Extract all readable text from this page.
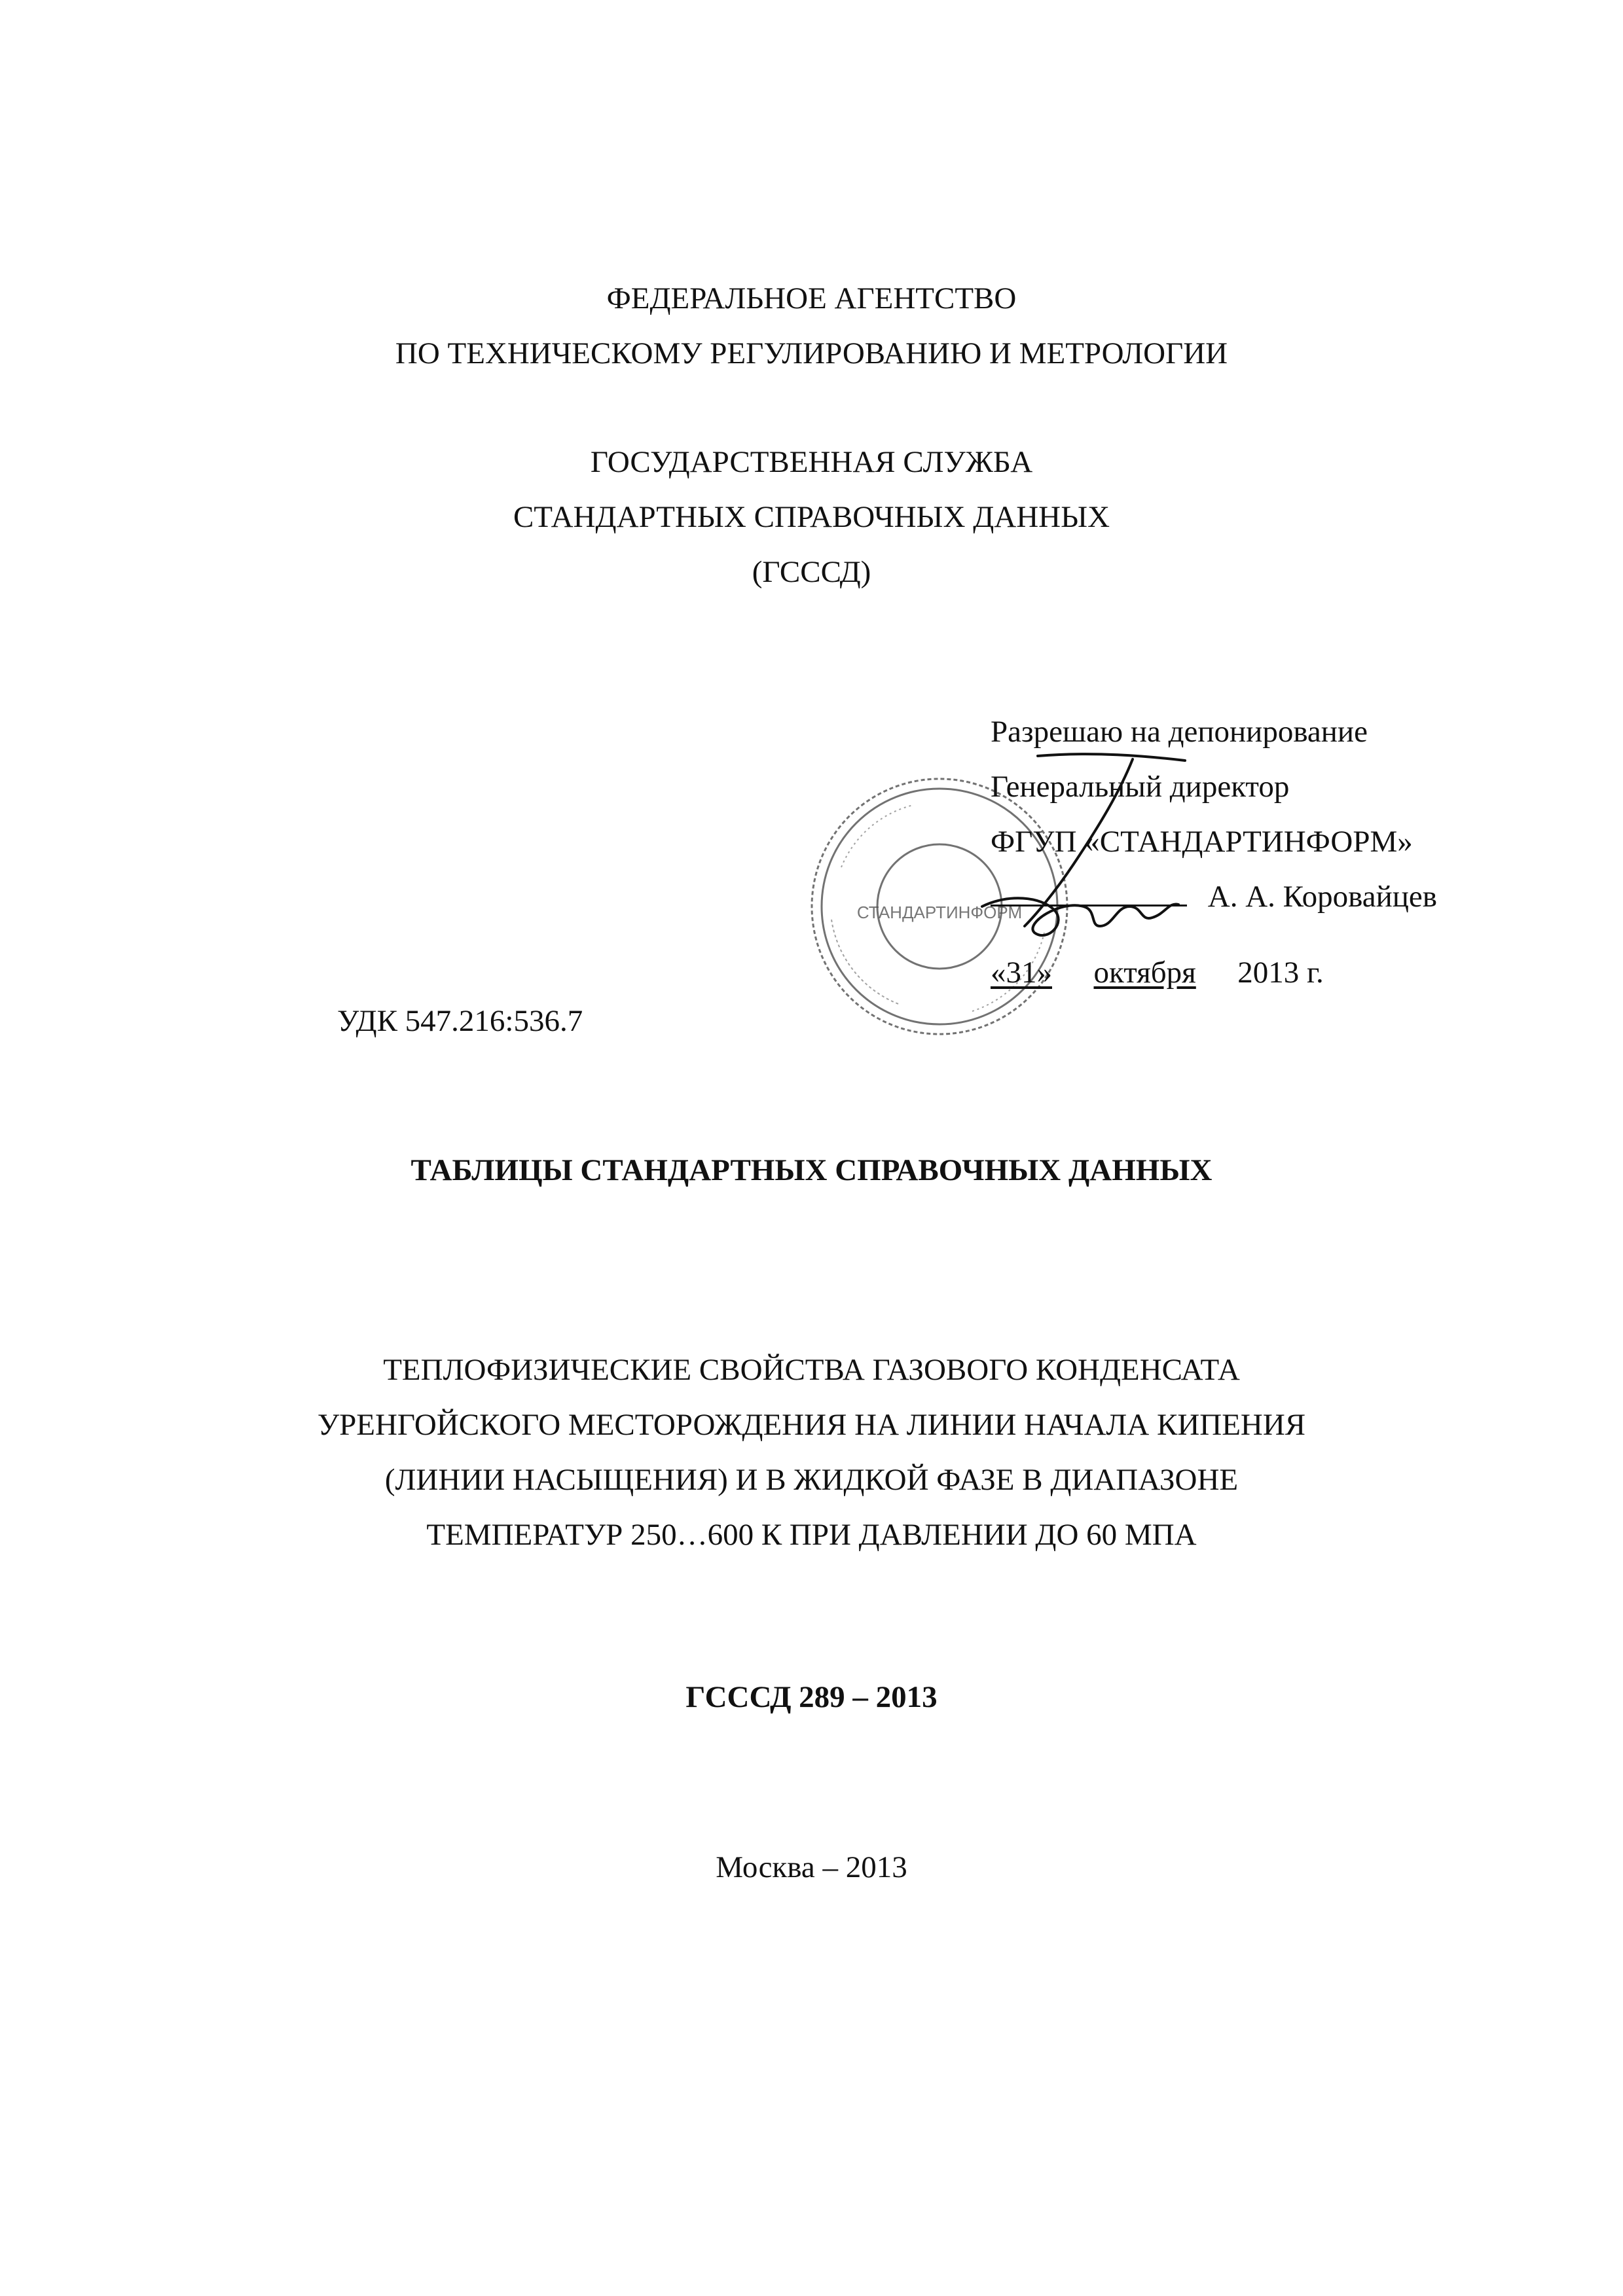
ФЕДЕРАЛЬНОЕ АГЕНТСТВО
ПО ТЕХНИЧЕСКОМУ РЕГУЛИРОВАНИЮ И МЕТРОЛОГИИ
ГОСУДАРСТВЕННАЯ СЛУЖБА
СТАНДАРТНЫХ СПРАВОЧНЫХ ДАННЫХ
(ГСССД)
СТАНДАРТИНФОРМ
Разрешаю на депонирование
Генеральный директор
ФГУП «СТАНДАРТИНФОРМ»
А. А. Коровайцев
«31» октября 2013 г.
УДК 547.216:536.7
ТАБЛИЦЫ СТАНДАРТНЫХ СПРАВОЧНЫХ ДАННЫХ
ТЕПЛОФИЗИЧЕСКИЕ СВОЙСТВА ГАЗОВОГО КОНДЕНСАТА
УРЕНГОЙСКОГО МЕСТОРОЖДЕНИЯ НА ЛИНИИ НАЧАЛА КИПЕНИЯ
(ЛИНИИ НАСЫЩЕНИЯ) И В ЖИДКОЙ ФАЗЕ В ДИАПАЗОНЕ
ТЕМПЕРАТУР 250…600 К ПРИ ДАВЛЕНИИ ДО 60 МПА
ГСССД 289 – 2013
Москва – 2013
